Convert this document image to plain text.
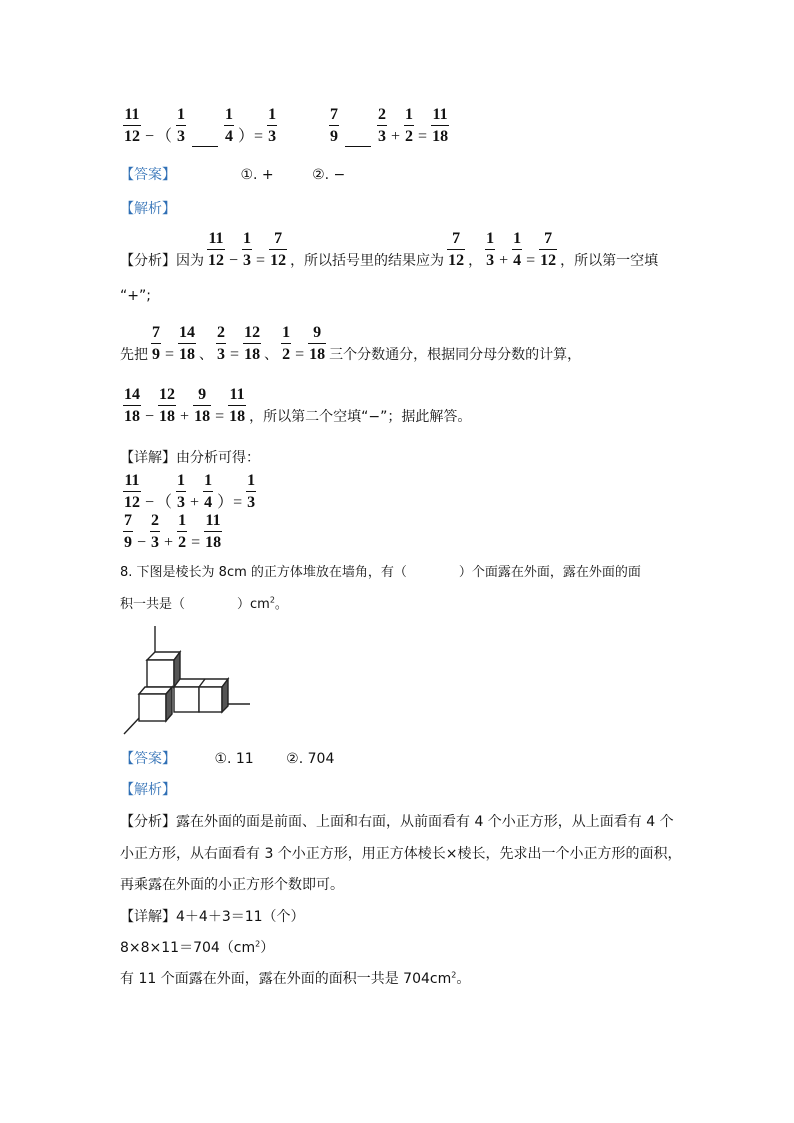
$\frac{11}{12}$ − （ $\frac{1}{3}$
$\frac{1}{4}$ ）= $\frac{1}{3}$	$\frac{7}{9}$
$\frac{2}{3} + \frac{1}{2} = \frac{11}{18}$
【答案】	①. +	②. −
【解析】
【分析】因为 $\frac{11}{12} - \frac{1}{3} = \frac{7}{12}$ ，所以括号里的结果应为 $\frac{7}{12}$ ， $\frac{1}{3} + \frac{1}{4} = \frac{7}{12}$ ，所以第一空填
“+”;
先把 $\frac{7}{9} = \frac{14}{18}$ 、 $\frac{2}{3} = \frac{12}{18}$ 、 $\frac{1}{2} = \frac{9}{18}$ 三个分数通分，根据同分母分数的计算，
$\frac{14}{18} - \frac{12}{18} + \frac{9}{18} = \frac{11}{18}$ ，所以第二个空填“−”；据此解答。
【详解】由分析可得：
$\frac{11}{12}$ − （ $\frac{1}{3} + \frac{1}{4}$ ）= $\frac{1}{3}$
$\frac{7}{9} - \frac{2}{3} + \frac{1}{2} = \frac{11}{18}$
8. 下图是棱长为 8cm 的正方体堆放在墙角，有（　　　　）个面露在外面，露在外面的面
积一共是（　　　　）$cm^2$。
【答案】	①. 11 ②. 704
【解析】
【分析】露在外面的面是前面、上面和右面，从前面看有 4 个小正方形，从上面看有 4 个
小正方形，从右面看有 3 个小正方形，用正方体棱长×棱长，先求出一个小正方形的面积，
再乘露在外面的小正方形个数即可。
【详解】4＋4＋3＝11（个）
$8\times 8\times 11=704(cm^2)$
有 11 个面露在外面，露在外面的面积一共是 $704cm^2$。
